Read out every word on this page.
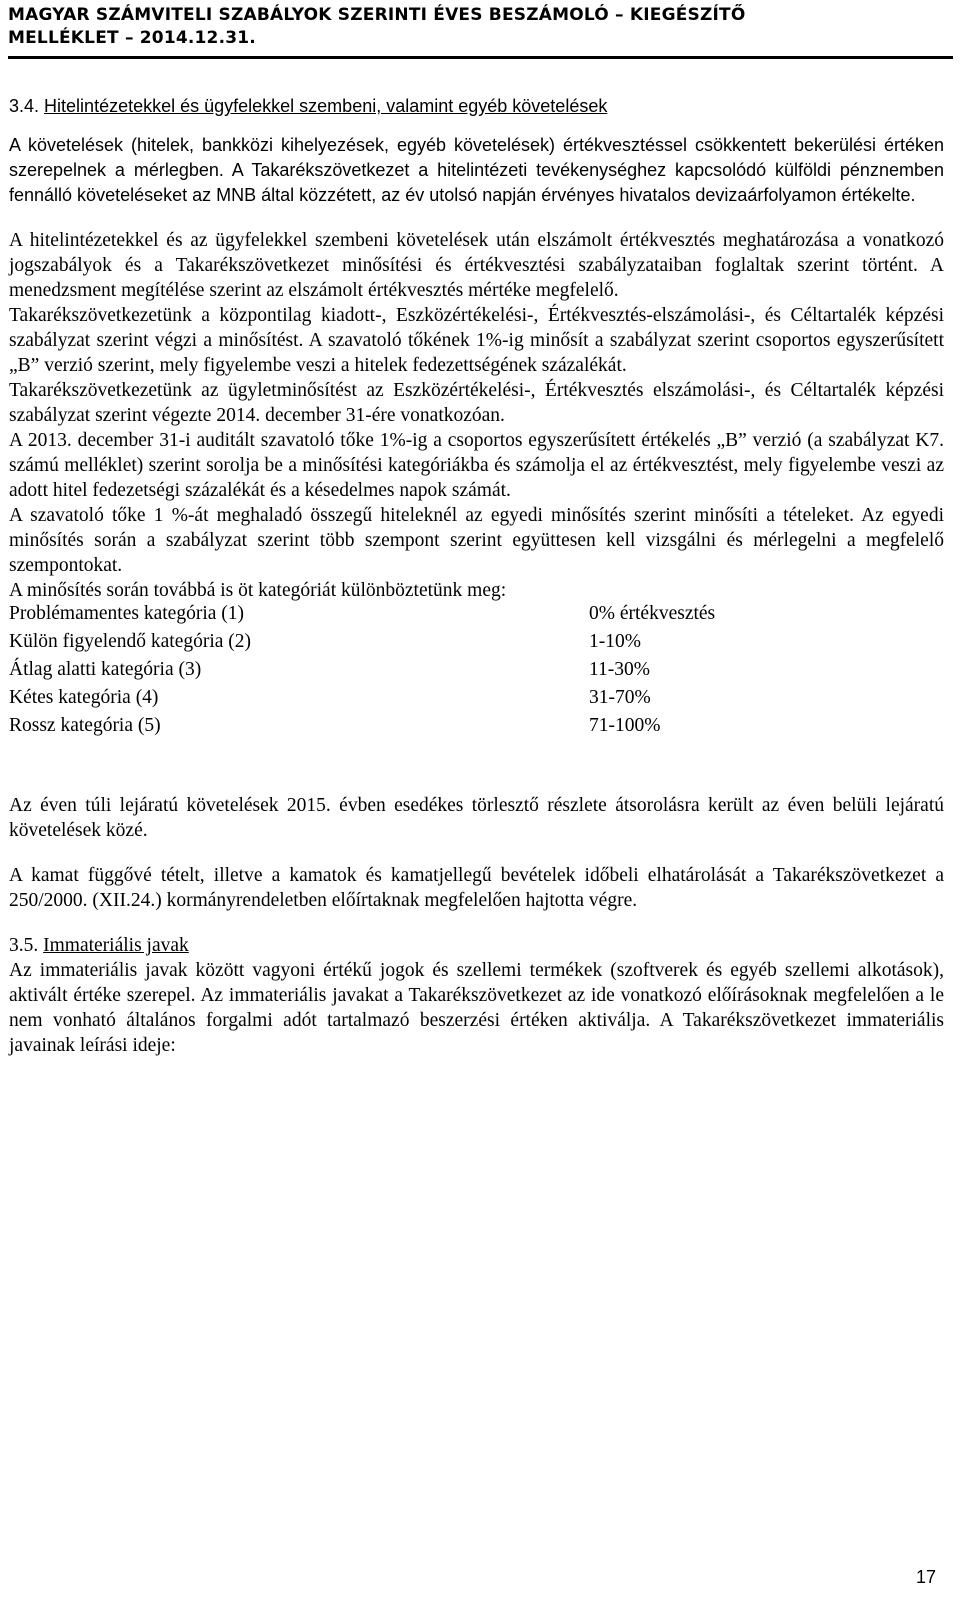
MAGYAR SZÁMVITELI SZABÁLYOK SZERINTI ÉVES BESZÁMOLÓ – KIEGÉSZÍTŐ
MELLÉKLET – 2014.12.31.

3.4. Hitelintézetekkel és ügyfelekkel szembeni, valamint egyéb követelések

A követelések (hitelek, bankközi kihelyezések, egyéb követelések) értékvesztéssel csökkentett bekerülési értéken szerepelnek a mérlegben. A Takarékszövetkezet a hitelintézeti tevékenységhez kapcsolódó külföldi pénznemben fennálló követeléseket az MNB által közzétett, az év utolsó napján érvényes hivatalos devizaárfolyamon értékelte.

A hitelintézetekkel és az ügyfelekkel szembeni követelések után elszámolt értékvesztés meghatározása a vonatkozó jogszabályok és a Takarékszövetkezet minősítési és értékvesztési szabályzataiban foglaltak szerint történt. A menedzsment megítélése szerint az elszámolt értékvesztés mértéke megfelelő.

Takarékszövetkezetünk a központilag kiadott-, Eszközértékelési-, Értékvesztés-elszámolási-, és Céltartalék képzési szabályzat szerint végzi a minősítést. A szavatoló tőkének 1%-ig minősít a szabályzat szerint csoportos egyszerűsített „B” verzió szerint, mely figyelembe veszi a hitelek fedezettségének százalékát.

Takarékszövetkezetünk az ügyletminősítést az Eszközértékelési-, Értékvesztés elszámolási-, és Céltartalék képzési szabályzat szerint végezte 2014. december 31-ére vonatkozóan.

A 2013. december 31-i auditált szavatoló tőke 1%-ig a csoportos egyszerűsített értékelés „B” verzió (a szabályzat K7. számú melléklet) szerint sorolja be a minősítési kategóriákba és számolja el az értékvesztést, mely figyelembe veszi az adott hitel fedezetségi százalékát és a késedelmes napok számát.

A szavatoló tőke 1 %-át meghaladó összegű hiteleknél az egyedi minősítés szerint minősíti a tételeket. Az egyedi minősítés során a szabályzat szerint több szempont szerint együttesen kell vizsgálni és mérlegelni a megfelelő szempontokat.

A minősítés során továbbá is öt kategóriát különböztetünk meg:

Problémamentes kategória (1)	0% értékvesztés
Külön figyelendő kategória (2)	1-10%
Átlag alatti kategória (3)	11-30%
Kétes kategória (4)	31-70%
Rossz kategória (5)	71-100%

Az éven túli lejáratú követelések 2015. évben esedékes törlesztő részlete átsorolásra került az éven belüli lejáratú követelések közé.

A kamat függővé tételt, illetve a kamatok és kamatjellegű bevételek időbeli elhatárolását a Takarékszövetkezet a 250/2000. (XII.24.) kormányrendeletben előírtaknak megfelelően hajtotta végre.

3.5. Immateriális javak

Az immateriális javak között vagyoni értékű jogok és szellemi termékek (szoftverek és egyéb szellemi alkotások), aktivált értéke szerepel. Az immateriális javakat a Takarékszövetkezet az ide vonatkozó előírásoknak megfelelően a le nem vonható általános forgalmi adót tartalmazó beszerzési értéken aktiválja. A Takarékszövetkezet immateriális javainak leírási ideje:

17
